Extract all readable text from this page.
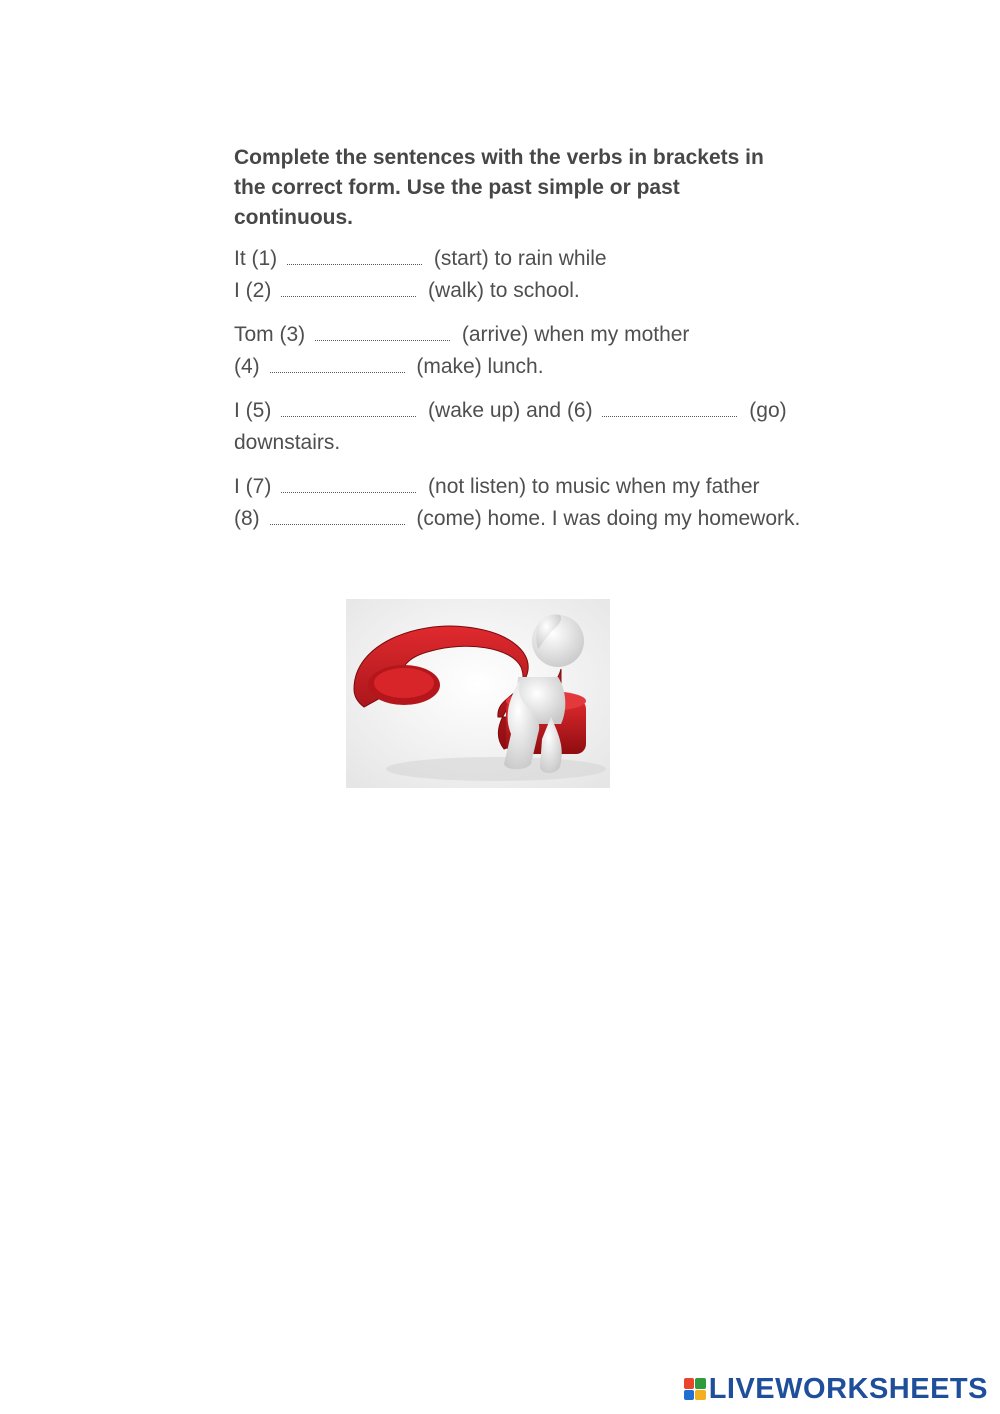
Complete the sentences with the verbs in brackets in the correct form. Use the past simple or past continuous.

It (1)	(start) to rain while
I (2)	(walk) to school.
Tom (3)	(arrive) when my mother
(4)	(make) lunch.
I (5)	(wake up) and (6)	(go)
downstairs.
I (7)	(not listen) to music when my father
(8)	(come) home. I was doing my homework.
LIVEWORKSHEETS
